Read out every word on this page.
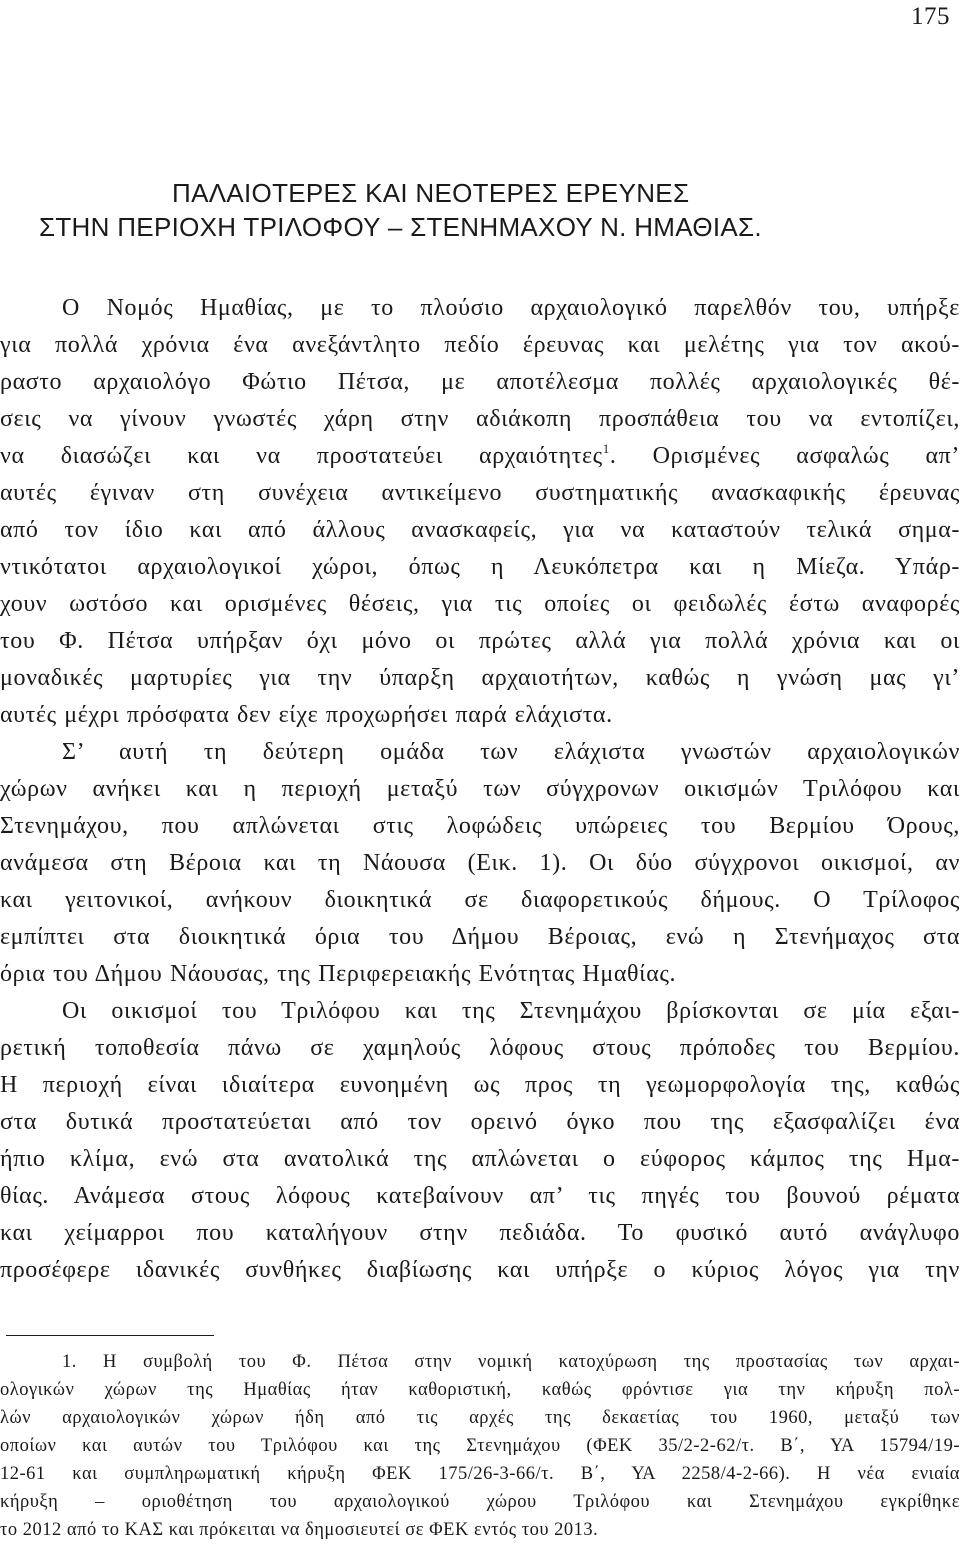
175
ΠΑΛΑΙΟΤΕΡΕΣ ΚΑΙ ΝΕΟΤΕΡΕΣ ΕΡΕΥΝΕΣ
ΣΤΗΝ ΠΕΡΙΟΧΗ ΤΡΙΛΟΦΟΥ – ΣΤΕΝΗΜΑΧΟΥ Ν. ΗΜΑΘΙΑΣ.
Ο Νομός Ημαθίας, με το πλούσιο αρχαιολογικό παρελθόν του, υπήρξε
για πολλά χρόνια ένα ανεξάντλητο πεδίο έρευνας και μελέτης για τον ακού-
ραστο αρχαιολόγο Φώτιο Πέτσα, με αποτέλεσμα πολλές αρχαιολογικές θέ-
σεις να γίνουν γνωστές χάρη στην αδιάκοπη προσπάθεια του να εντοπίζει,
να διασώζει και να προστατεύει αρχαιότητες$^1$. Ορισμένες ασφαλώς απ’
αυτές έγιναν στη συνέχεια αντικείμενο συστηματικής ανασκαφικής έρευνας
από τον ίδιο και από άλλους ανασκαφείς, για να καταστούν τελικά σημα-
ντικότατοι αρχαιολογικοί χώροι, όπως η Λευκόπετρα και η Μίεζα. Υπάρ-
χουν ωστόσο και ορισμένες θέσεις, για τις οποίες οι φειδωλές έστω αναφορές
του Φ. Πέτσα υπήρξαν όχι μόνο οι πρώτες αλλά για πολλά χρόνια και οι
μοναδικές μαρτυρίες για την ύπαρξη αρχαιοτήτων, καθώς η γνώση μας γι’
αυτές μέχρι πρόσφατα δεν είχε προχωρήσει παρά ελάχιστα.
Σ’ αυτή τη δεύτερη ομάδα των ελάχιστα γνωστών αρχαιολογικών
χώρων ανήκει και η περιοχή μεταξύ των σύγχρονων οικισμών Τριλόφου και
Στενημάχου, που απλώνεται στις λοφώδεις υπώρειες του Βερμίου Όρους,
ανάμεσα στη Βέροια και τη Νάουσα (Εικ. 1). Οι δύο σύγχρονοι οικισμοί, αν
και γειτονικοί, ανήκουν διοικητικά σε διαφορετικούς δήμους. Ο Τρίλοφος
εμπίπτει στα διοικητικά όρια του Δήμου Βέροιας, ενώ η Στενήμαχος στα
όρια του Δήμου Νάουσας, της Περιφερειακής Ενότητας Ημαθίας.
Οι οικισμοί του Τριλόφου και της Στενημάχου βρίσκονται σε μία εξαι-
ρετική τοποθεσία πάνω σε χαμηλούς λόφους στους πρόποδες του Βερμίου.
Η περιοχή είναι ιδιαίτερα ευνοημένη ως προς τη γεωμορφολογία της, καθώς
στα δυτικά προστατεύεται από τον ορεινό όγκο που της εξασφαλίζει ένα
ήπιο κλίμα, ενώ στα ανατολικά της απλώνεται ο εύφορος κάμπος της Ημα-
θίας. Ανάμεσα στους λόφους κατεβαίνουν απ’ τις πηγές του βουνού ρέματα
και χείμαρροι που καταλήγουν στην πεδιάδα. Το φυσικό αυτό ανάγλυφο
προσέφερε ιδανικές συνθήκες διαβίωσης και υπήρξε ο κύριος λόγος για την
1. Η συμβολή του Φ. Πέτσα στην νομική κατοχύρωση της προστασίας των αρχαι-
ολογικών χώρων της Ημαθίας ήταν καθοριστική, καθώς φρόντισε για την κήρυξη πολ-
λών αρχαιολογικών χώρων ήδη από τις αρχές της δεκαετίας του 1960, μεταξύ των
οποίων και αυτών του Τριλόφου και της Στενημάχου (ΦΕΚ 35/2-2-62/τ. Β΄, ΥΑ 15794/19-
12-61 και συμπληρωματική κήρυξη ΦΕΚ 175/26-3-66/τ. Β΄, ΥΑ 2258/4-2-66). Η νέα ενιαία
κήρυξη – οριοθέτηση του αρχαιολογικού χώρου Τριλόφου και Στενημάχου εγκρίθηκε
το 2012 από το ΚΑΣ και πρόκειται να δημοσιευτεί σε ΦΕΚ εντός του 2013.
